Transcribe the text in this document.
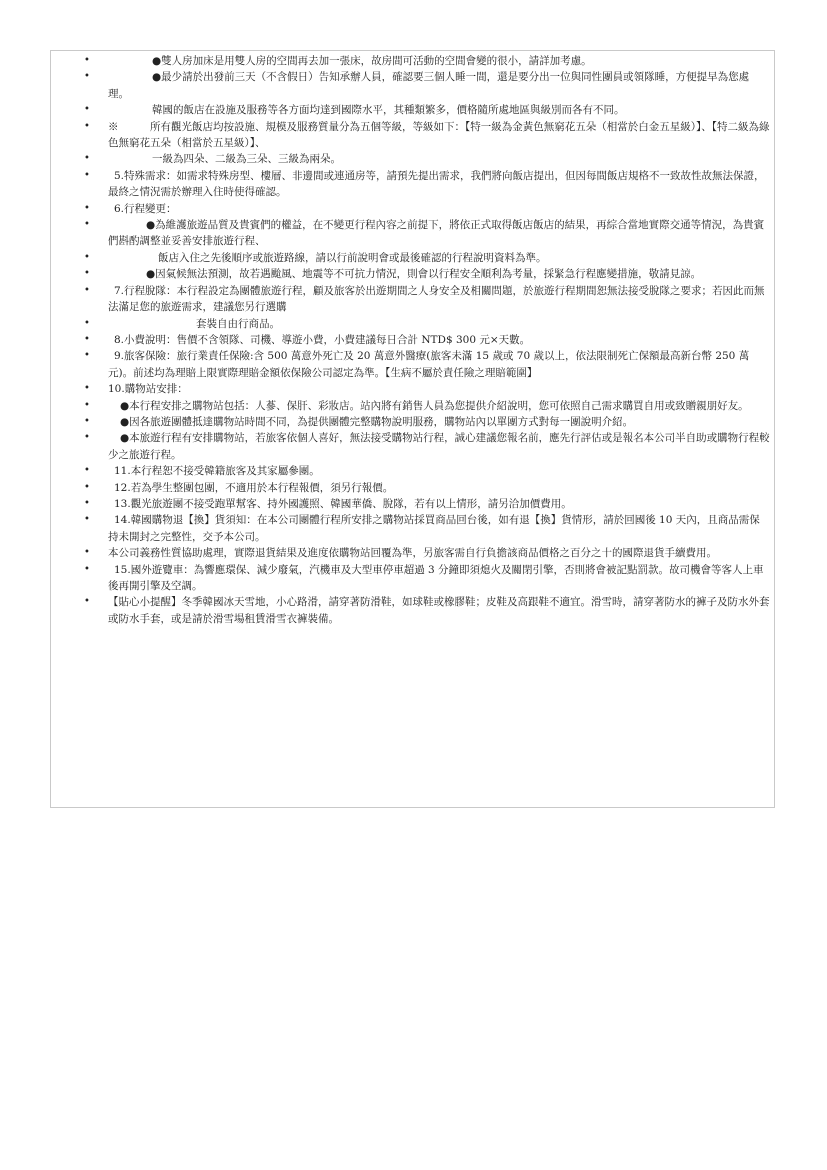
•	●雙人房加床是用雙人房的空間再去加一張床，故房間可活動的空間會變的很小，請詳加考慮。
•	●最少請於出發前三天（不含假日）告知承辦人員，確認要三個人睡一間，還是要分出一位與同性團員或領隊睡，方便提早為您處理。
•	韓國的飯店在設施及服務等各方面均達到國際水平，其種類繁多，價格隨所處地區與級別而各有不同。
• ※　　　所有觀光飯店均按設施、規模及服務質量分為五個等級，等級如下：【特一級為金黃色無窮花五朵（相當於白金五星級）】、【特二級為綠色無窮花五朵（相當於五星級）】、
•	一級為四朵、二級為三朵、三級為兩朵。
• 5.特殊需求：如需求特殊房型、樓層、非邊間或連通房等，請預先提出需求，我們將向飯店提出，但因每間飯店規格不一致故性故無法保證，最終之情況需於辦理入住時使得確認。
• 6.行程變更：
•	●為維護旅遊品質及貴賓們的權益，在不變更行程內容之前提下，將依正式取得飯店飯店的結果，再綜合當地實際交通等情況，為貴賓們斟酌調整並妥善安排旅遊行程、
•	飯店入住之先後順序或旅遊路線，請以行前說明會或最後確認的行程說明資料為準。
•	●因氣候無法預測，故若遇颱風、地震等不可抗力情況，則會以行程安全順利為考量，採緊急行程應變措施，敬請見諒。
• 7.行程脫隊：本行程設定為團體旅遊行程，顧及旅客於出遊期間之人身安全及相關問題，於旅遊行程期間恕無法接受脫隊之要求；若因此而無法滿足您的旅遊需求，建議您另行選購
•	套裝自由行商品。
• 8.小費說明：售價不含領隊、司機、導遊小費，小費建議每日合計 NTD$ 300 元×天數。
• 9.旅客保險：旅行業責任保險:含 500 萬意外死亡及 20 萬意外醫療(旅客未滿 15 歲或 70 歲以上，依法限制死亡保額最高新台幣 250 萬元)。前述均為理賠上限實際理賠金額依保險公司認定為準。【生病不屬於責任險之理賠範圍】
• 10.購物站安排：
•	●本行程安排之購物站包括：人蔘、保肝、彩妝店。站內將有銷售人員為您提供介紹說明，您可依照自己需求購買自用或致贈親朋好友。
•	●因各旅遊團體抵達購物站時間不同，為提供團體完整購物說明服務，購物站內以單團方式對每一團說明介紹。
•	●本旅遊行程有安排購物站，若旅客依個人喜好，無法接受購物站行程，誠心建議您報名前，應先行評估或是報名本公司半自助或購物行程較少之旅遊行程。
• 11.本行程恕不接受韓籍旅客及其家屬參團。
• 12.若為學生整團包團，不適用於本行程報價，須另行報價。
• 13.觀光旅遊團不接受跑單幫客、持外國護照、韓國華僑、脫隊，若有以上情形，請另洽加價費用。
• 14.韓國購物退【換】貨須知：在本公司團體行程所安排之購物站採買商品回台後，如有退【換】貨情形，請於回國後 10 天內，且商品需保持未開封之完整性，交予本公司。
• 本公司義務性質協助處理，實際退貨結果及進度依購物站回覆為準，另旅客需自行負擔該商品價格之百分之十的國際退貨手續費用。
• 15.國外遊覽車：為響應環保、減少廢氣，汽機車及大型車停車超過 3 分鐘即須熄火及關閉引擎，否則將會被記點罰款。故司機會等客人上車後再開引擎及空調。
• 【貼心小提醒】冬季韓國冰天雪地，小心路滑，請穿著防滑鞋，如球鞋或橡膠鞋；皮鞋及高跟鞋不適宜。滑雪時，請穿著防水的褲子及防水外套或防水手套，或是請於滑雪場租賃滑雪衣褲裝備。
